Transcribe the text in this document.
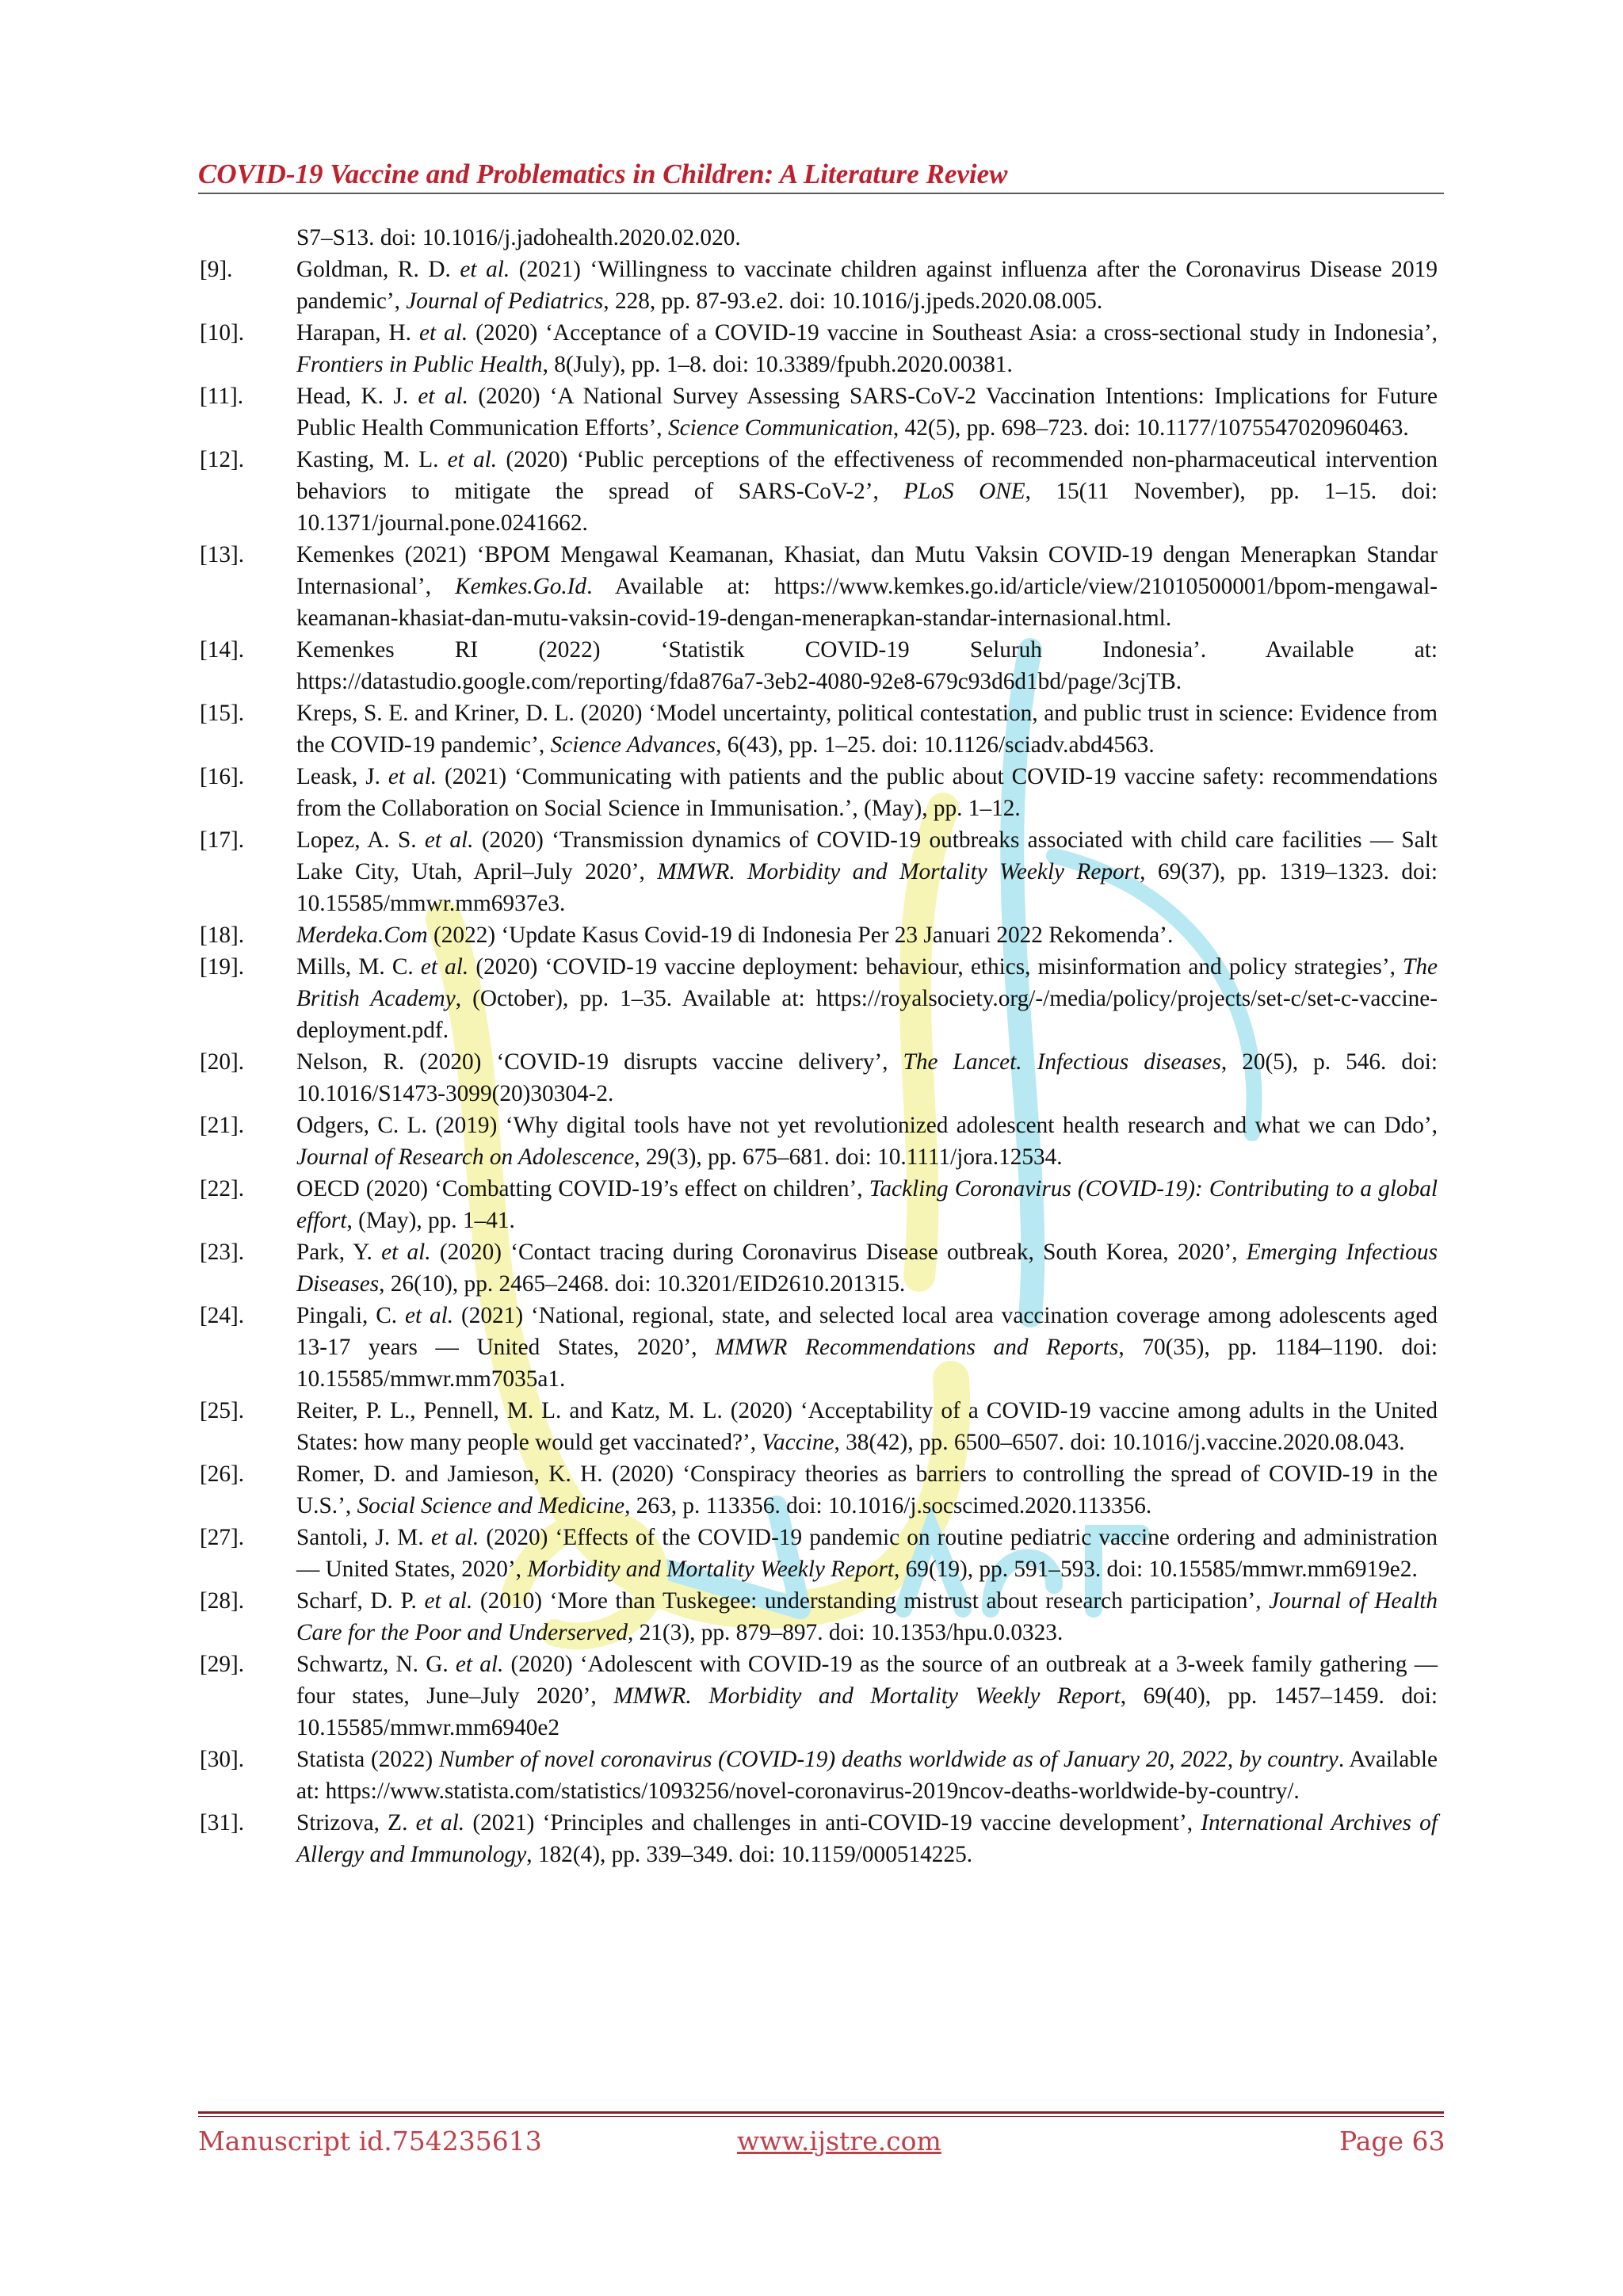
COVID-19 Vaccine and Problematics in Children: A Literature Review
S7–S13. doi: 10.1016/j.jadohealth.2020.02.020.
[9].	Goldman, R. D. et al. (2021) ‘Willingness to vaccinate children against influenza after the Coronavirus Disease 2019 pandemic’, Journal of Pediatrics, 228, pp. 87-93.e2. doi: 10.1016/j.jpeds.2020.08.005.
[10]. Harapan, H. et al. (2020) ‘Acceptance of a COVID-19 vaccine in Southeast Asia: a cross-sectional study in Indonesia’, Frontiers in Public Health, 8(July), pp. 1–8. doi: 10.3389/fpubh.2020.00381.
[11]. Head, K. J. et al. (2020) ‘A National Survey Assessing SARS-CoV-2 Vaccination Intentions: Implications for Future Public Health Communication Efforts’, Science Communication, 42(5), pp. 698–723. doi: 10.1177/1075547020960463.
[12]. Kasting, M. L. et al. (2020) ‘Public perceptions of the effectiveness of recommended non-pharmaceutical intervention behaviors to mitigate the spread of SARS-CoV-2’, PLoS ONE, 15(11 November), pp. 1–15. doi: 10.1371/journal.pone.0241662.
[13]. Kemenkes (2021) ‘BPOM Mengawal Keamanan, Khasiat, dan Mutu Vaksin COVID-19 dengan Menerapkan Standar Internasional’, Kemkes.Go.Id. Available at: https://www.kemkes.go.id/article/view/21010500001/bpom-mengawal-keamanan-khasiat-dan-mutu-vaksin-covid-19-dengan-menerapkan-standar-internasional.html.
[14]. Kemenkes RI (2022) ‘Statistik COVID-19 Seluruh Indonesia’. Available at: https://datastudio.google.com/reporting/fda876a7-3eb2-4080-92e8-679c93d6d1bd/page/3cjTB.
[15]. Kreps, S. E. and Kriner, D. L. (2020) ‘Model uncertainty, political contestation, and public trust in science: Evidence from the COVID-19 pandemic’, Science Advances, 6(43), pp. 1–25. doi: 10.1126/sciadv.abd4563.
[16]. Leask, J. et al. (2021) ‘Communicating with patients and the public about COVID-19 vaccine safety: recommendations from the Collaboration on Social Science in Immunisation.’, (May), pp. 1–12.
[17]. Lopez, A. S. et al. (2020) ‘Transmission dynamics of COVID-19 outbreaks associated with child care facilities — Salt Lake City, Utah, April–July 2020’, MMWR. Morbidity and Mortality Weekly Report, 69(37), pp. 1319–1323. doi: 10.15585/mmwr.mm6937e3.
[18]. Merdeka.Com (2022) ‘Update Kasus Covid-19 di Indonesia Per 23 Januari 2022 Rekomenda’.
[19]. Mills, M. C. et al. (2020) ‘COVID-19 vaccine deployment: behaviour, ethics, misinformation and policy strategies’, The British Academy, (October), pp. 1–35. Available at: https://royalsociety.org/-/media/policy/projects/set-c/set-c-vaccine-deployment.pdf.
[20]. Nelson, R. (2020) ‘COVID-19 disrupts vaccine delivery’, The Lancet. Infectious diseases, 20(5), p. 546. doi: 10.1016/S1473-3099(20)30304-2.
[21]. Odgers, C. L. (2019) ‘Why digital tools have not yet revolutionized adolescent health research and what we can Ddo’, Journal of Research on Adolescence, 29(3), pp. 675–681. doi: 10.1111/jora.12534.
[22]. OECD (2020) ‘Combatting COVID-19’s effect on children’, Tackling Coronavirus (COVID-19): Contributing to a global effort, (May), pp. 1–41.
[23]. Park, Y. et al. (2020) ‘Contact tracing during Coronavirus Disease outbreak, South Korea, 2020’, Emerging Infectious Diseases, 26(10), pp. 2465–2468. doi: 10.3201/EID2610.201315.
[24]. Pingali, C. et al. (2021) ‘National, regional, state, and selected local area vaccination coverage among adolescents aged 13-17 years — United States, 2020’, MMWR Recommendations and Reports, 70(35), pp. 1184–1190. doi: 10.15585/mmwr.mm7035a1.
[25]. Reiter, P. L., Pennell, M. L. and Katz, M. L. (2020) ‘Acceptability of a COVID-19 vaccine among adults in the United States: how many people would get vaccinated?’, Vaccine, 38(42), pp. 6500–6507. doi: 10.1016/j.vaccine.2020.08.043.
[26]. Romer, D. and Jamieson, K. H. (2020) ‘Conspiracy theories as barriers to controlling the spread of COVID-19 in the U.S.’, Social Science and Medicine, 263, p. 113356. doi: 10.1016/j.socscimed.2020.113356.
[27]. Santoli, J. M. et al. (2020) ‘Effects of the COVID-19 pandemic on routine pediatric vaccine ordering and administration — United States, 2020’, Morbidity and Mortality Weekly Report, 69(19), pp. 591–593. doi: 10.15585/mmwr.mm6919e2.
[28]. Scharf, D. P. et al. (2010) ‘More than Tuskegee: understanding mistrust about research participation’, Journal of Health Care for the Poor and Underserved, 21(3), pp. 879–897. doi: 10.1353/hpu.0.0323.
[29]. Schwartz, N. G. et al. (2020) ‘Adolescent with COVID-19 as the source of an outbreak at a 3-week family gathering — four states, June–July 2020’, MMWR. Morbidity and Mortality Weekly Report, 69(40), pp. 1457–1459. doi: 10.15585/mmwr.mm6940e2
[30]. Statista (2022) Number of novel coronavirus (COVID-19) deaths worldwide as of January 20, 2022, by country. Available at: https://www.statista.com/statistics/1093256/novel-coronavirus-2019ncov-deaths-worldwide-by-country/.
[31]. Strizova, Z. et al. (2021) ‘Principles and challenges in anti-COVID-19 vaccine development’, International Archives of Allergy and Immunology, 182(4), pp. 339–349. doi: 10.1159/000514225.
Manuscript id.754235613	www.ijstre.com	Page 63
